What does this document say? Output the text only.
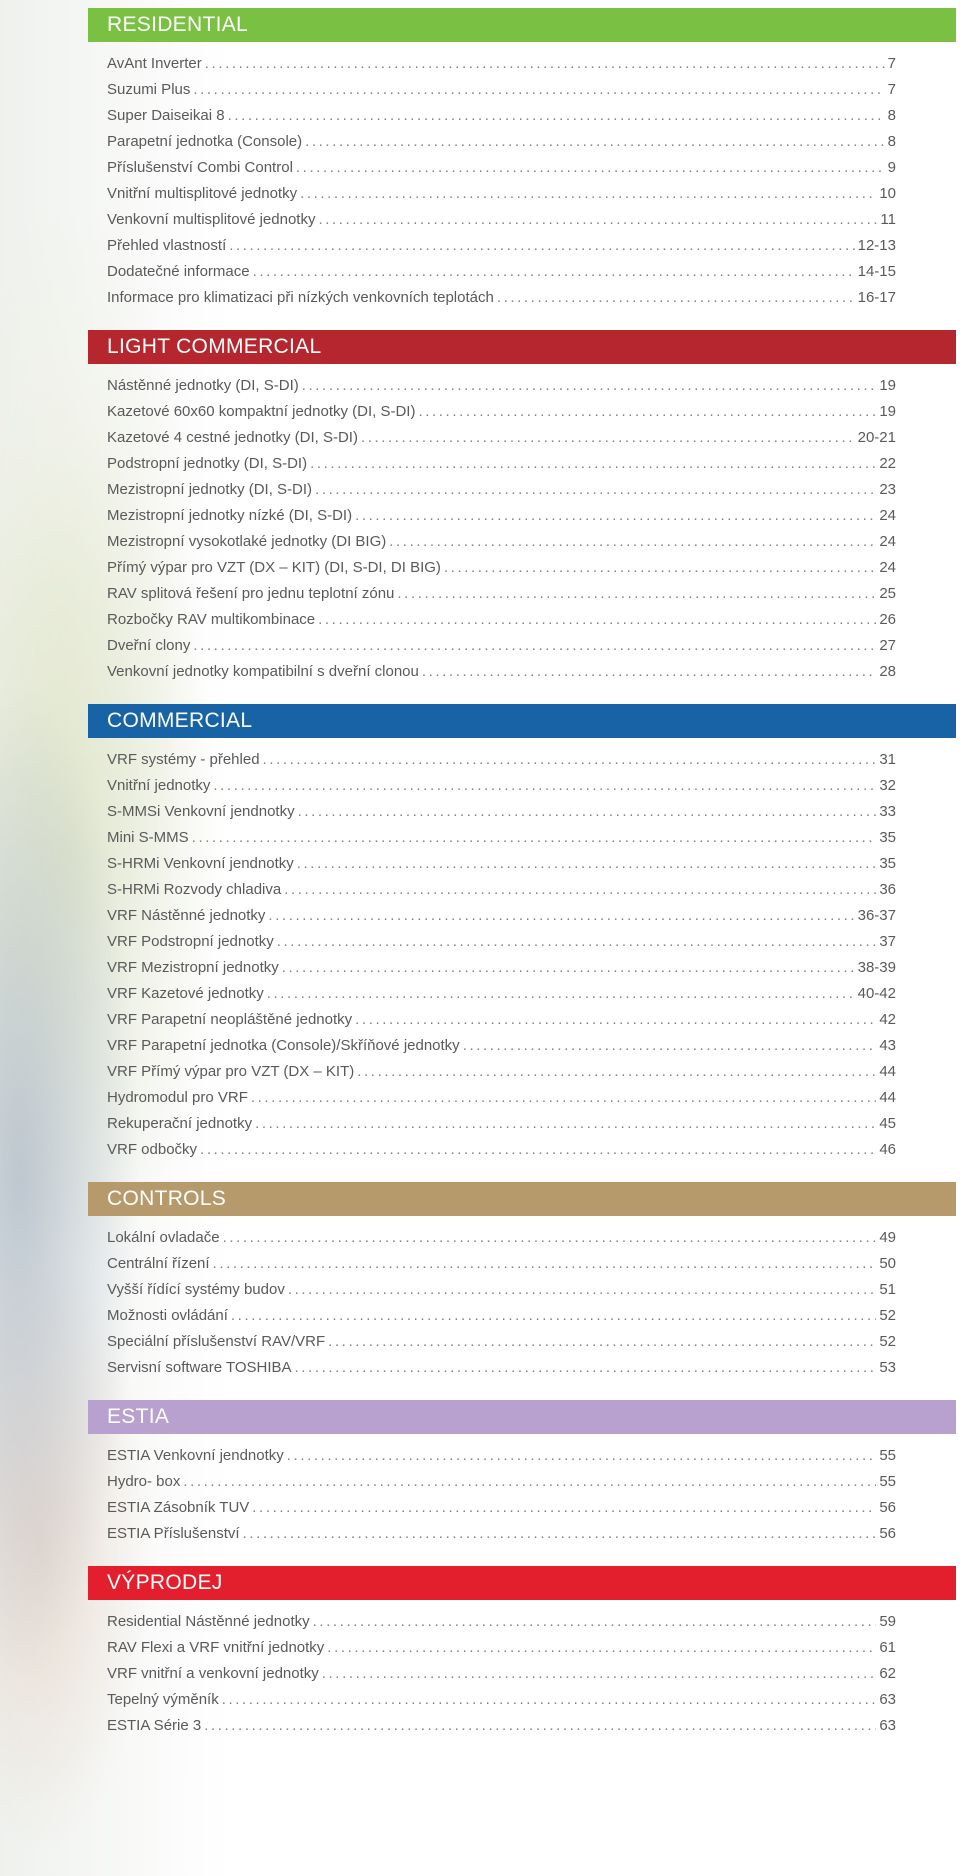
RESIDENTIAL
AvAnt Inverter .....	7
Suzumi Plus .....	7
Super Daiseikai 8 .....	8
Parapetní jednotka (Console) .....	8
Příslušenství Combi Control .....	9
Vnitřní multisplitové jednotky .....	10
Venkovní multisplitové jednotky .....	11
Přehled vlastností .....	12-13
Dodatečné informace .....	14-15
Informace pro klimatizaci při nízkých venkovních teplotách .....	16-17
LIGHT COMMERCIAL
Nástěnné jednotky (DI, S-DI) .....	19
Kazetové 60x60 kompaktní jednotky (DI, S-DI) .....	19
Kazetové 4 cestné jednotky (DI, S-DI) .....	20-21
Podstropní jednotky (DI, S-DI) .....	22
Mezistropní jednotky (DI, S-DI) .....	23
Mezistropní jednotky nízké (DI, S-DI) .....	24
Mezistropní vysokotlaké jednotky (DI BIG) .....	24
Přímý výpar pro VZT (DX – KIT) (DI, S-DI, DI BIG) .....	24
RAV splitová řešení pro jednu teplotní zónu .....	25
Rozbočky RAV multikombinace .....	26
Dveřní clony .....	27
Venkovní jednotky kompatibilní s dveřní clonou .....	28
COMMERCIAL
VRF systémy - přehled .....	31
Vnitřní jednotky .....	32
S-MMSi Venkovní jendnotky .....	33
Mini S-MMS .....	35
S-HRMi Venkovní jendnotky .....	35
S-HRMi Rozvody chladiva .....	36
VRF Nástěnné jednotky .....	36-37
VRF Podstropní jednotky .....	37
VRF Mezistropní jednotky .....	38-39
VRF Kazetové jednotky .....	40-42
VRF Parapetní neopláštěné jednotky .....	42
VRF Parapetní jednotka (Console)/Skříňové jednotky .....	43
VRF Přímý výpar pro VZT (DX – KIT) .....	44
Hydromodul pro VRF .....	44
Rekuperační jednotky .....	45
VRF odbočky .....	46
CONTROLS
Lokální ovladače .....	49
Centrální řízení .....	50
Vyšší řídící systémy budov .....	51
Možnosti ovládání .....	52
Speciální příslušenství RAV/VRF .....	52
Servisní software TOSHIBA .....	53
ESTIA
ESTIA Venkovní jendnotky .....	55
Hydro- box .....	55
ESTIA Zásobník TUV .....	56
ESTIA Příslušenství .....	56
VÝPRODEJ
Residential Nástěnné jednotky .....	59
RAV Flexi a VRF vnitřní jednotky .....	61
VRF vnitřní a venkovní jednotky .....	62
Tepelný výměník .....	63
ESTIA Série 3 .....	63
